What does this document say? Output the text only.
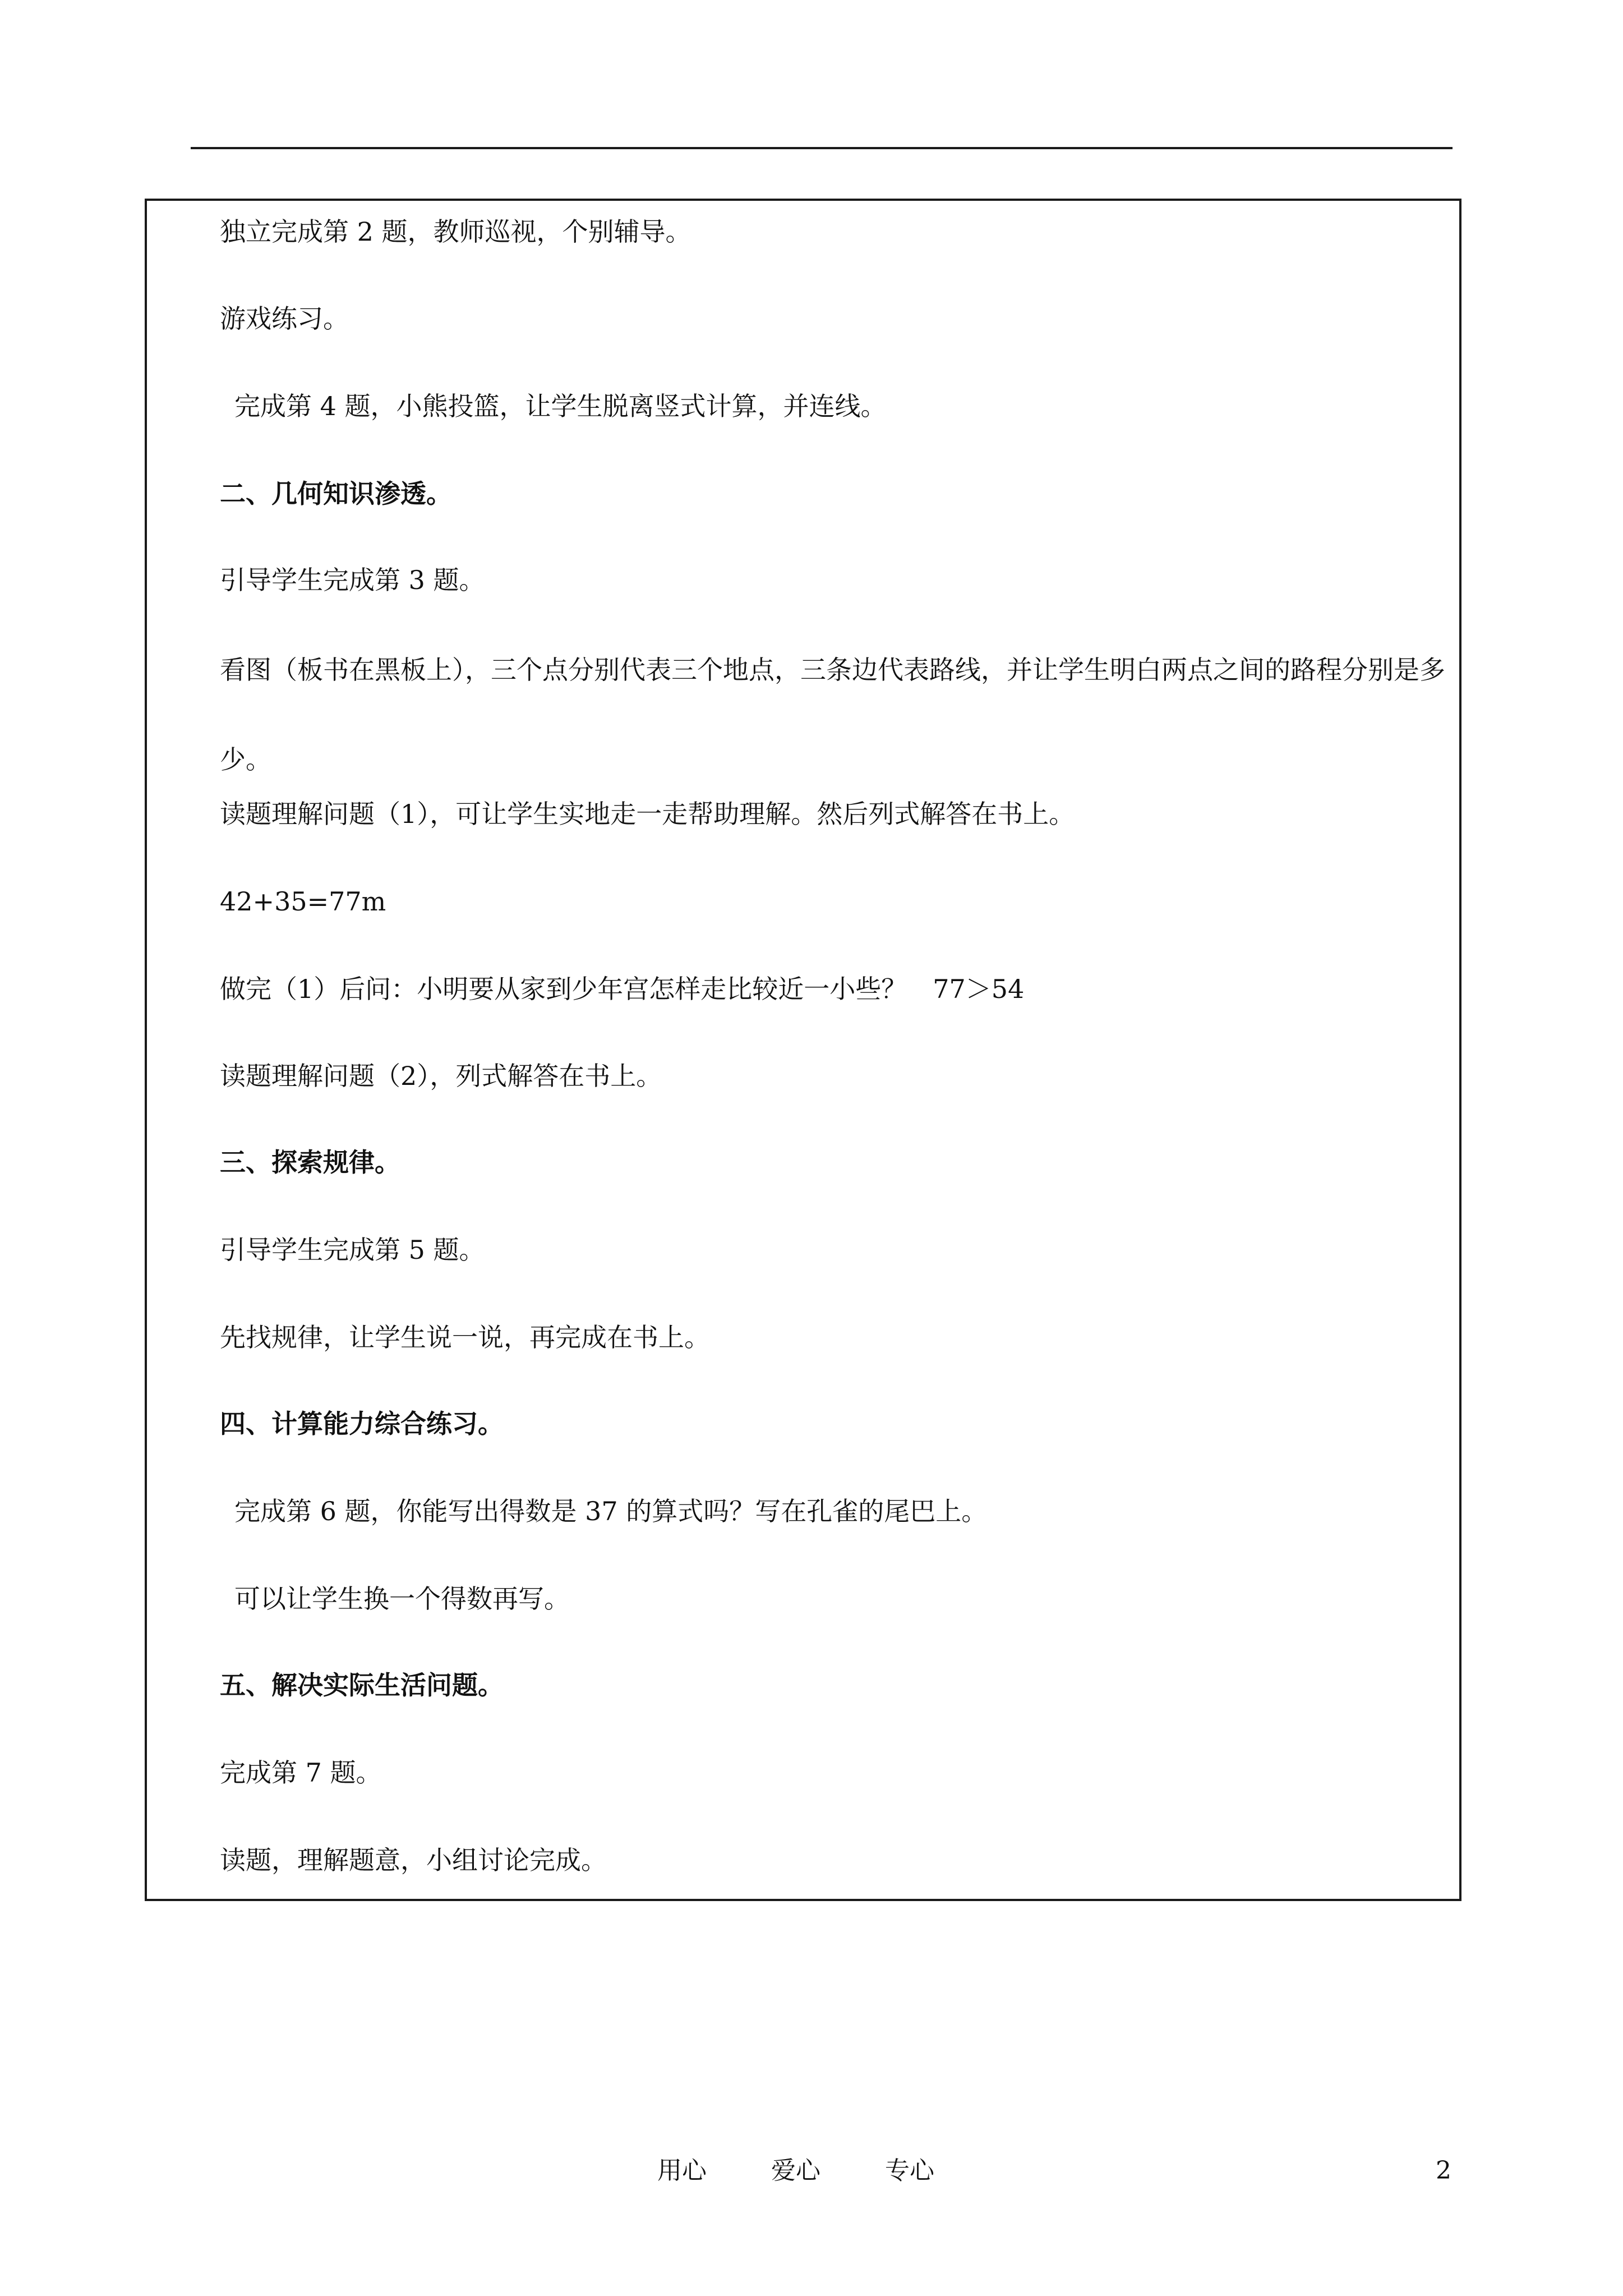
独立完成第 2 题，教师巡视，个别辅导。
游戏练习。
完成第 4 题，小熊投篮，让学生脱离竖式计算，并连线。
二、几何知识渗透。
引导学生完成第 3 题。
看图（板书在黑板上），三个点分别代表三个地点，三条边代表路线，并让学生明白两点之间的路程分别是多少。
读题理解问题（1），可让学生实地走一走帮助理解。然后列式解答在书上。
42+35=77m
做完（1）后问：小明要从家到少年宫怎样走比较近一小些？　77＞54
读题理解问题（2），列式解答在书上。
三、探索规律。
引导学生完成第 5 题。
先找规律，让学生说一说，再完成在书上。
四、计算能力综合练习。
完成第 6 题，你能写出得数是 37 的算式吗？写在孔雀的尾巴上。
可以让学生换一个得数再写。
五、解决实际生活问题。
完成第 7 题。
读题，理解题意，小组讨论完成。
用心	爱心	专心	2
